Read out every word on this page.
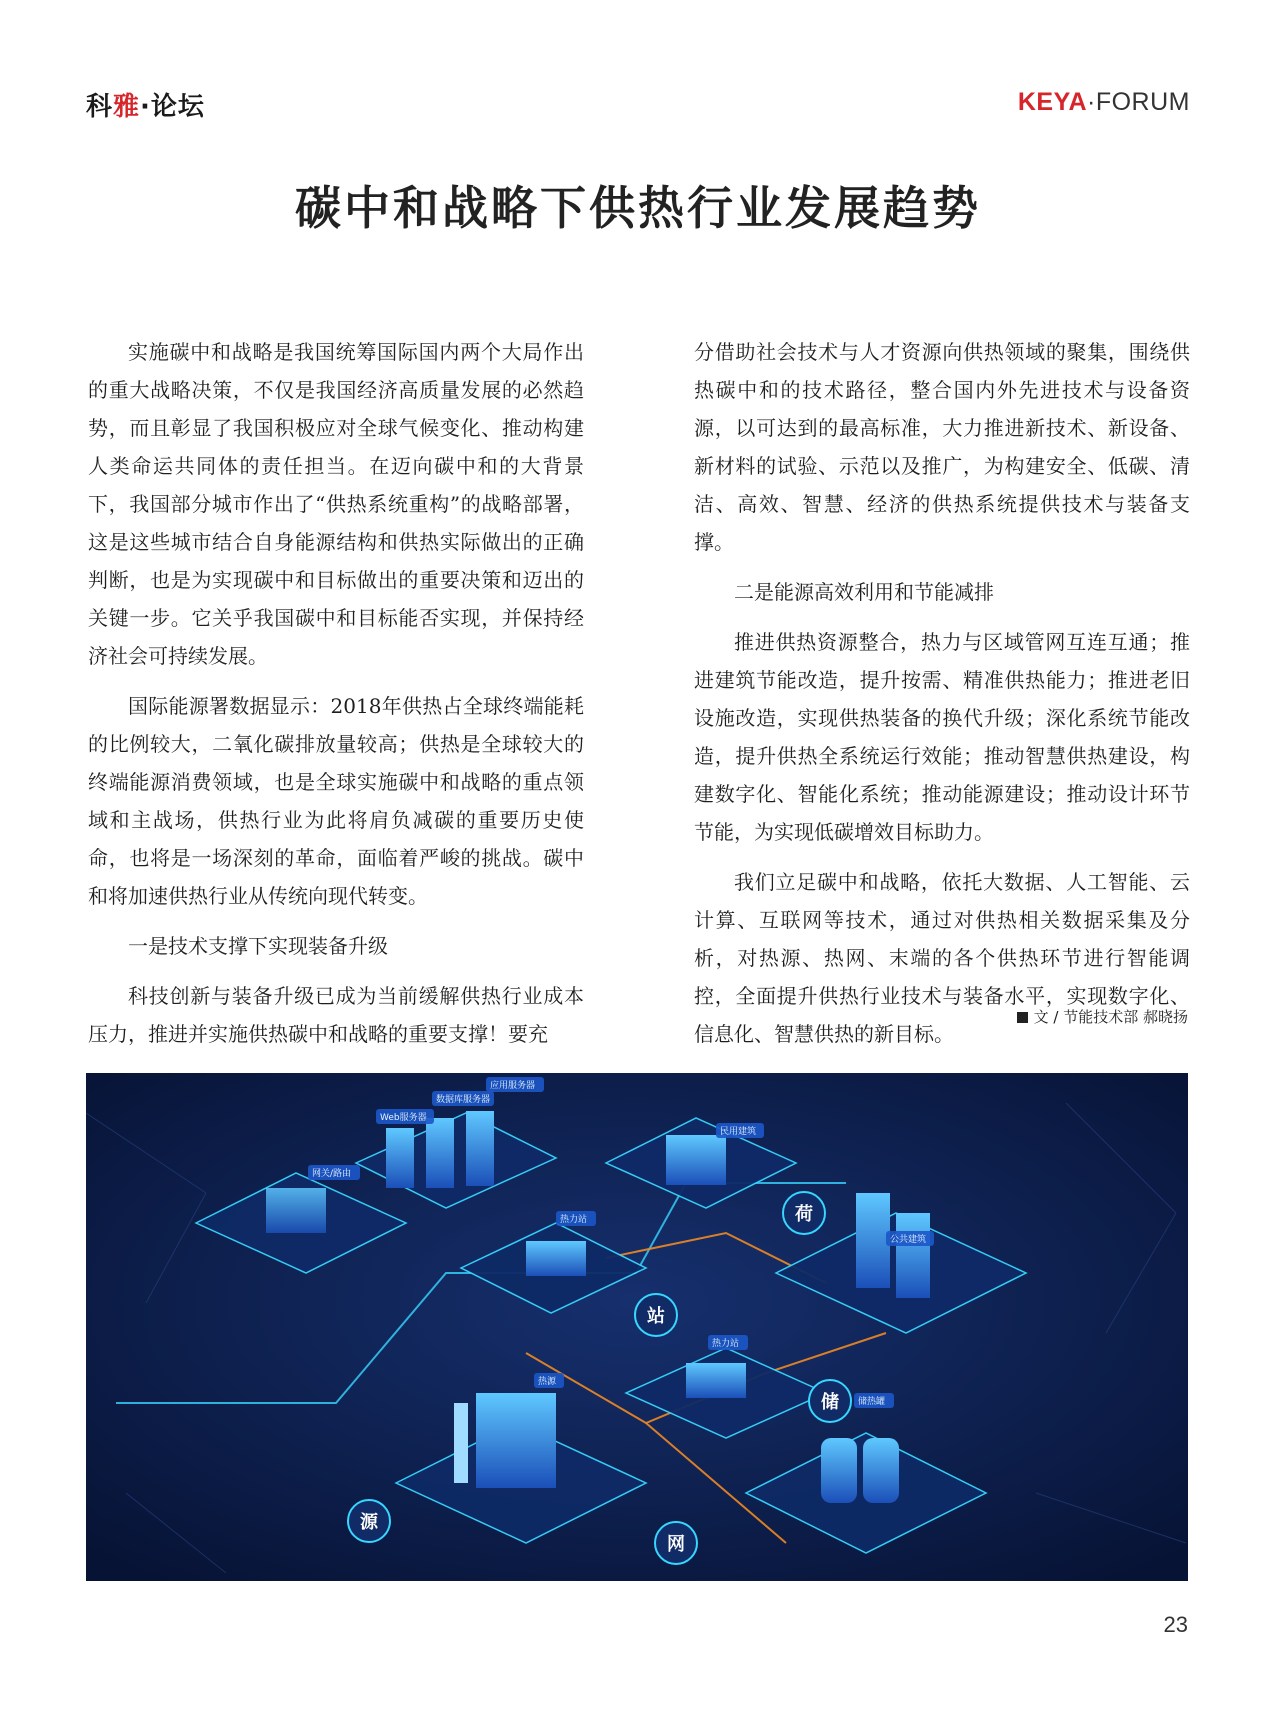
科雅·论坛	KEYA·FORUM
碳中和战略下供热行业发展趋势

实施碳中和战略是我国统筹国际国内两个大局作出的重大战略决策，不仅是我国经济高质量发展的必然趋势，而且彰显了我国积极应对全球气候变化、推动构建人类命运共同体的责任担当。在迈向碳中和的大背景下，我国部分城市作出了“供热系统重构”的战略部署，这是这些城市结合自身能源结构和供热实际做出的正确判断，也是为实现碳中和目标做出的重要决策和迈出的关键一步。它关乎我国碳中和目标能否实现，并保持经济社会可持续发展。

国际能源署数据显示：2018年供热占全球终端能耗的比例较大，二氧化碳排放量较高；供热是全球较大的终端能源消费领域，也是全球实施碳中和战略的重点领域和主战场，供热行业为此将肩负减碳的重要历史使命，也将是一场深刻的革命，面临着严峻的挑战。碳中和将加速供热行业从传统向现代转变。

一是技术支撑下实现装备升级

科技创新与装备升级已成为当前缓解供热行业成本压力，推进并实施供热碳中和战略的重要支撑！要充

分借助社会技术与人才资源向供热领域的聚集，围绕供热碳中和的技术路径，整合国内外先进技术与设备资源，以可达到的最高标准，大力推进新技术、新设备、新材料的试验、示范以及推广，为构建安全、低碳、清洁、高效、智慧、经济的供热系统提供技术与装备支撑。

二是能源高效利用和节能减排

推进供热资源整合，热力与区域管网互连互通；推进建筑节能改造，提升按需、精准供热能力；推进老旧设施改造，实现供热装备的换代升级；深化系统节能改造，提升供热全系统运行效能；推动智慧供热建设，构建数字化、智能化系统；推动能源建设；推动设计环节节能，为实现低碳增效目标助力。

我们立足碳中和战略，依托大数据、人工智能、云计算、互联网等技术，通过对供热相关数据采集及分析，对热源、热网、末端的各个供热环节进行智能调控，全面提升供热行业技术与装备水平，实现数字化、信息化、智慧供热的新目标。

文 / 节能技术部 郝晓扬
荷
站
储
源
网
网关/路由
Web服务器
数据库服务器
应用服务器
民用建筑
热力站
公共建筑
热力站
热源
储热罐
23
